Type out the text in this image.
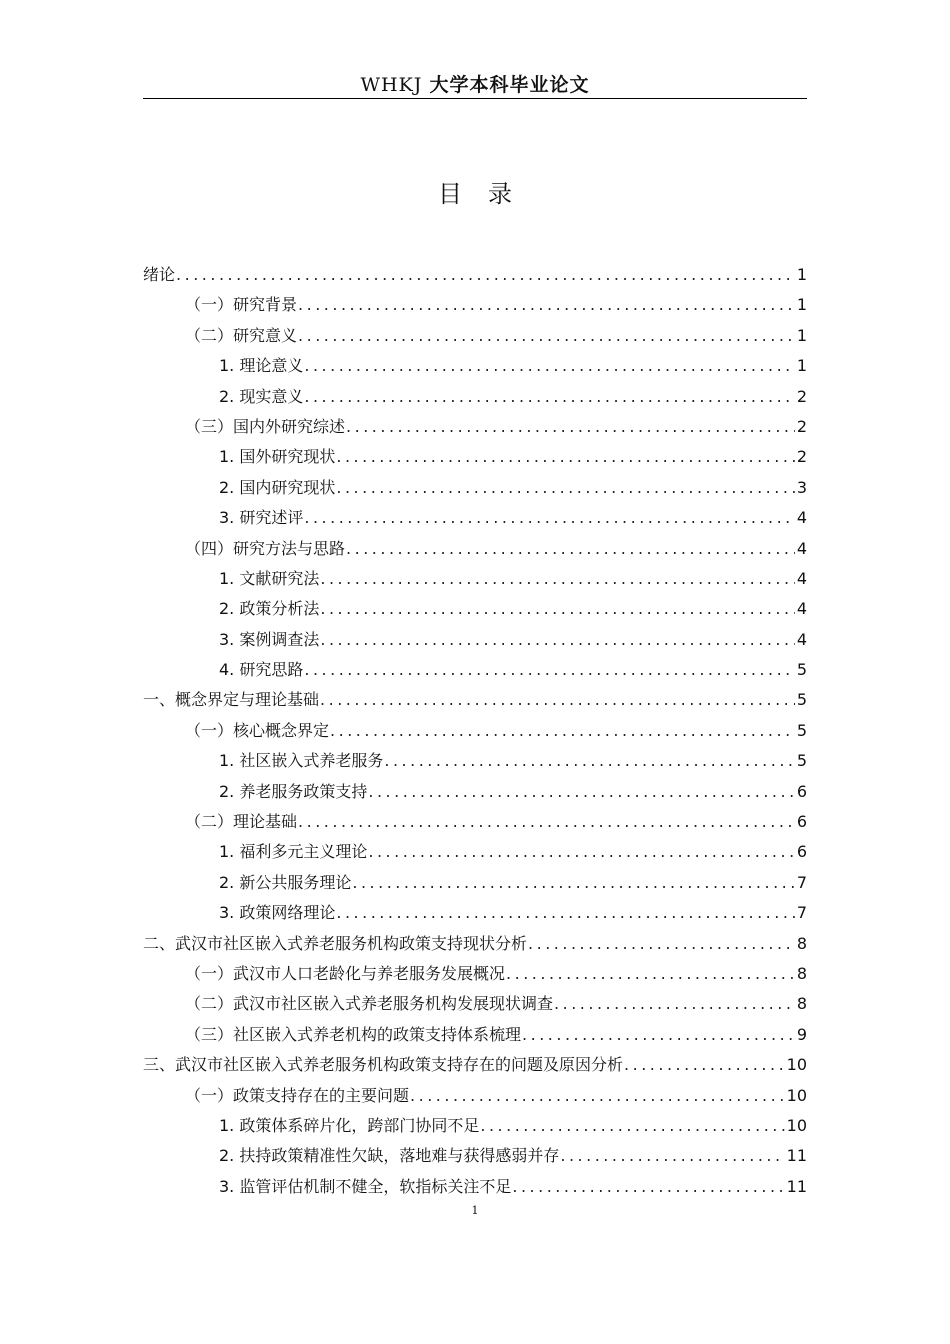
WHKJ 大学本科毕业论文
目录
绪论 .....	1
（一）研究背景 .....	1
（二）研究意义 .....	1
1. 理论意义 .....	1
2. 现实意义 .....	2
（三）国内外研究综述 .....	2
1. 国外研究现状 .....	2
2. 国内研究现状 .....	3
3. 研究述评 .....	4
（四）研究方法与思路 .....	4
1. 文献研究法 .....	4
2. 政策分析法 .....	4
3. 案例调查法 .....	4
4. 研究思路 .....	5
一、概念界定与理论基础 .....	5
（一）核心概念界定 .....	5
1. 社区嵌入式养老服务 .....	5
2. 养老服务政策支持 .....	6
（二）理论基础 .....	6
1. 福利多元主义理论 .....	6
2. 新公共服务理论 .....	7
3. 政策网络理论 .....	7
二、武汉市社区嵌入式养老服务机构政策支持现状分析 .....	8
（一）武汉市人口老龄化与养老服务发展概况 .....	8
（二）武汉市社区嵌入式养老服务机构发展现状调查 .....	8
（三）社区嵌入式养老机构的政策支持体系梳理 .....	9
三、武汉市社区嵌入式养老服务机构政策支持存在的问题及原因分析 .....	10
（一）政策支持存在的主要问题 .....	10
1. 政策体系碎片化，跨部门协同不足 .....	10
2. 扶持政策精准性欠缺，落地难与获得感弱并存 .....	11
3. 监管评估机制不健全，软指标关注不足 .....	11
1
